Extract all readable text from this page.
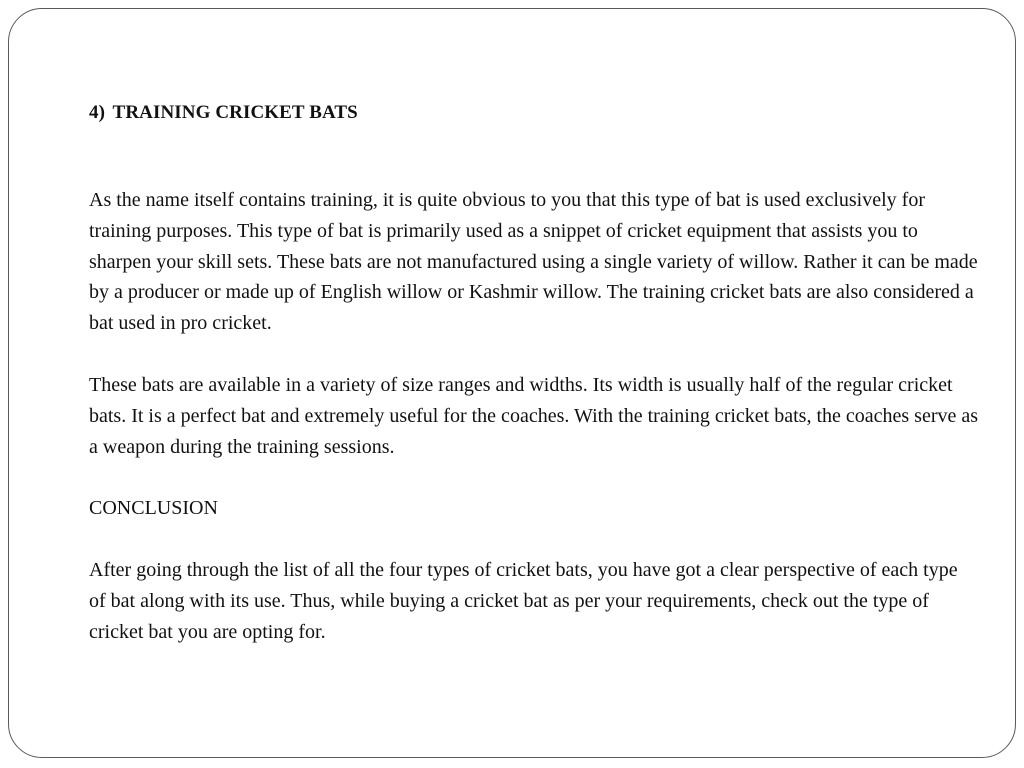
4) TRAINING CRICKET BATS

As the name itself contains training, it is quite obvious to you that this type of bat is used exclusively for training purposes. This type of bat is primarily used as a snippet of cricket equipment that assists you to sharpen your skill sets. These bats are not manufactured using a single variety of willow. Rather it can be made by a producer or made up of English willow or Kashmir willow. The training cricket bats are also considered a bat used in pro cricket.

These bats are available in a variety of size ranges and widths. Its width is usually half of the regular cricket bats. It is a perfect bat and extremely useful for the coaches. With the training cricket bats, the coaches serve as a weapon during the training sessions.

CONCLUSION

After going through the list of all the four types of cricket bats, you have got a clear perspective of each type of bat along with its use. Thus, while buying a cricket bat as per your requirements, check out the type of cricket bat you are opting for.
